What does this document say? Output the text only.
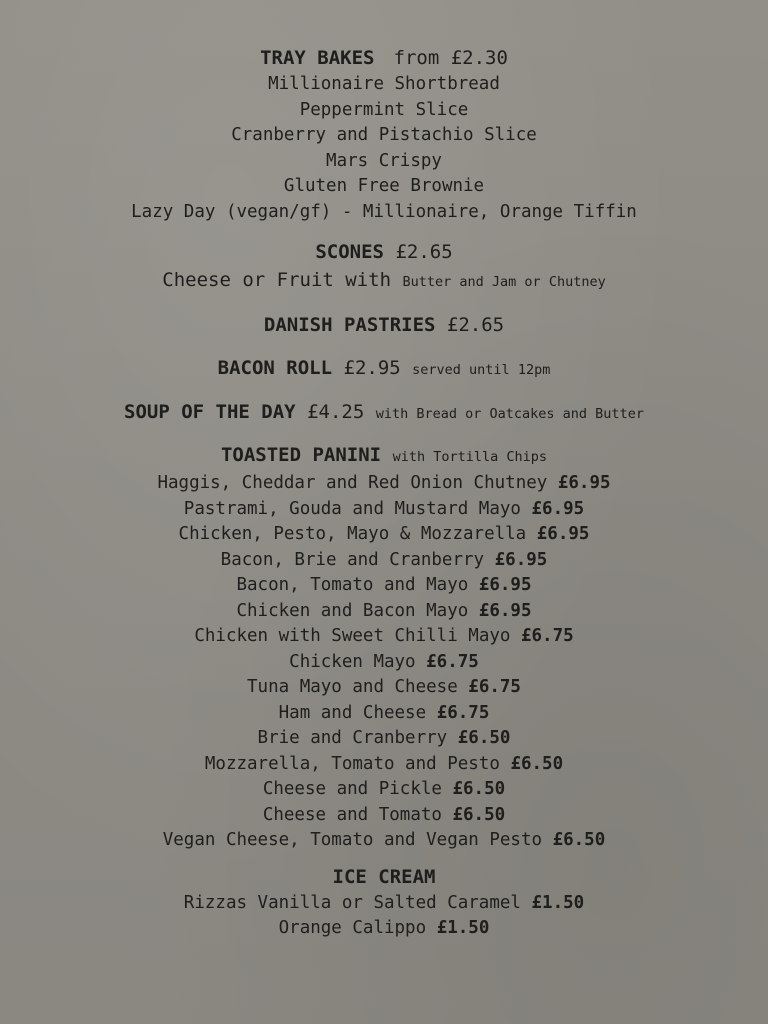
TRAY BAKES from £2.30
Millionaire Shortbread
Peppermint Slice
Cranberry and Pistachio Slice
Mars Crispy
Gluten Free Brownie
Lazy Day (vegan/gf) - Millionaire, Orange Tiffin
SCONES £2.65
Cheese or Fruit with Butter and Jam or Chutney
DANISH PASTRIES £2.65
BACON ROLL £2.95 served until 12pm
SOUP OF THE DAY £4.25 with Bread or Oatcakes and Butter
TOASTED PANINI with Tortilla Chips
Haggis, Cheddar and Red Onion Chutney £6.95
Pastrami, Gouda and Mustard Mayo £6.95
Chicken, Pesto, Mayo & Mozzarella £6.95
Bacon, Brie and Cranberry £6.95
Bacon, Tomato and Mayo £6.95
Chicken and Bacon Mayo £6.95
Chicken with Sweet Chilli Mayo £6.75
Chicken Mayo £6.75
Tuna Mayo and Cheese £6.75
Ham and Cheese £6.75
Brie and Cranberry £6.50
Mozzarella, Tomato and Pesto £6.50
Cheese and Pickle £6.50
Cheese and Tomato £6.50
Vegan Cheese, Tomato and Vegan Pesto £6.50
ICE CREAM
Rizzas Vanilla or Salted Caramel £1.50
Orange Calippo £1.50
